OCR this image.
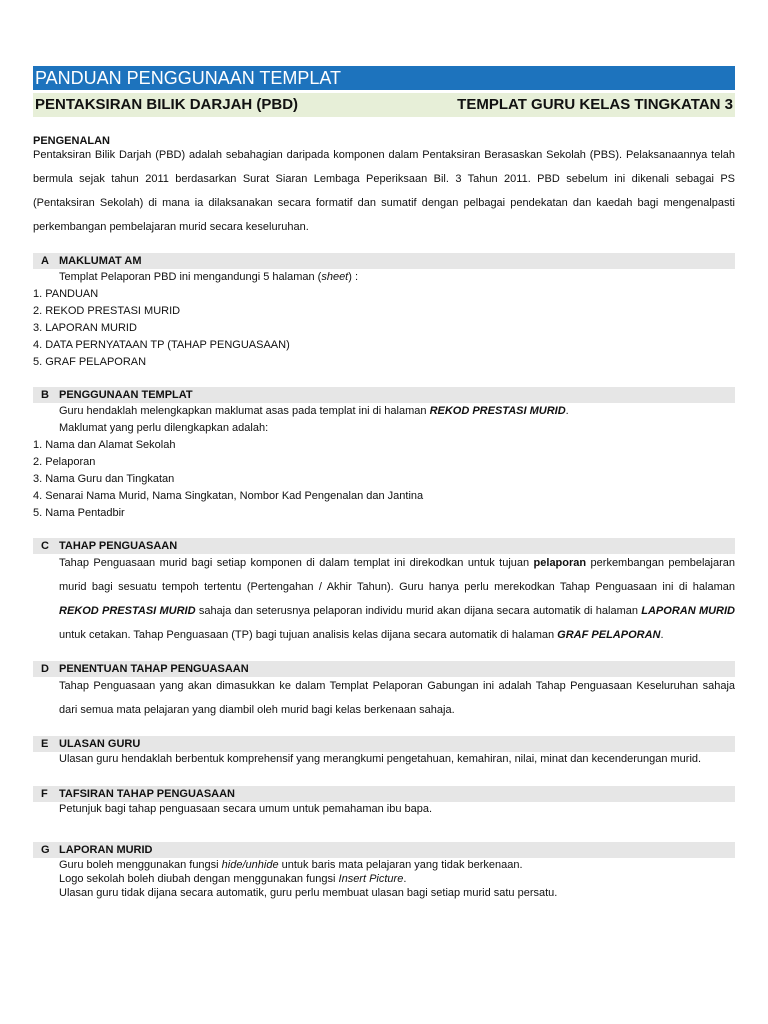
PANDUAN PENGGUNAAN TEMPLAT
PENTAKSIRAN BILIK DARJAH (PBD)	TEMPLAT GURU KELAS TINGKATAN 3
PENGENALAN
Pentaksiran Bilik Darjah (PBD) adalah sebahagian daripada komponen dalam Pentaksiran Berasaskan Sekolah (PBS). Pelaksanaannya telah bermula sejak tahun 2011 berdasarkan Surat Siaran Lembaga Peperiksaan Bil. 3 Tahun 2011. PBD sebelum ini dikenali sebagai PS (Pentaksiran Sekolah) di mana ia dilaksanakan secara formatif dan sumatif dengan pelbagai pendekatan dan kaedah bagi mengenalpasti perkembangan pembelajaran murid secara keseluruhan.
A MAKLUMAT AM
Templat Pelaporan PBD ini mengandungi 5 halaman (sheet) :
1. PANDUAN
2. REKOD PRESTASI MURID
3. LAPORAN MURID
4. DATA PERNYATAAN TP (TAHAP PENGUASAAN)
5. GRAF PELAPORAN
B PENGGUNAAN TEMPLAT
Guru hendaklah melengkapkan maklumat asas pada templat ini di halaman REKOD PRESTASI MURID.
Maklumat yang perlu dilengkapkan adalah:
1. Nama dan Alamat Sekolah
2. Pelaporan
3. Nama Guru dan Tingkatan
4. Senarai Nama Murid, Nama Singkatan, Nombor Kad Pengenalan dan Jantina
5. Nama Pentadbir
C TAHAP PENGUASAAN
Tahap Penguasaan murid bagi setiap komponen di dalam templat ini direkodkan untuk tujuan pelaporan perkembangan pembelajaran murid bagi sesuatu tempoh tertentu (Pertengahan / Akhir Tahun). Guru hanya perlu merekodkan Tahap Penguasaan ini di halaman REKOD PRESTASI MURID sahaja dan seterusnya pelaporan individu murid akan dijana secara automatik di halaman LAPORAN MURID untuk cetakan. Tahap Penguasaan (TP) bagi tujuan analisis kelas dijana secara automatik di halaman GRAF PELAPORAN.
D PENENTUAN TAHAP PENGUASAAN
Tahap Penguasaan yang akan dimasukkan ke dalam Templat Pelaporan Gabungan ini adalah Tahap Penguasaan Keseluruhan sahaja dari semua mata pelajaran yang diambil oleh murid bagi kelas berkenaan sahaja.
E ULASAN GURU
Ulasan guru hendaklah berbentuk komprehensif yang merangkumi pengetahuan, kemahiran, nilai, minat dan kecenderungan murid.
F	TAFSIRAN TAHAP PENGUASAAN
Petunjuk bagi tahap penguasaan secara umum untuk pemahaman ibu bapa.
G LAPORAN MURID
Guru boleh menggunakan fungsi hide/unhide untuk baris mata pelajaran yang tidak berkenaan.
Logo sekolah boleh diubah dengan menggunakan fungsi Insert Picture.
Ulasan guru tidak dijana secara automatik, guru perlu membuat ulasan bagi setiap murid satu persatu.
